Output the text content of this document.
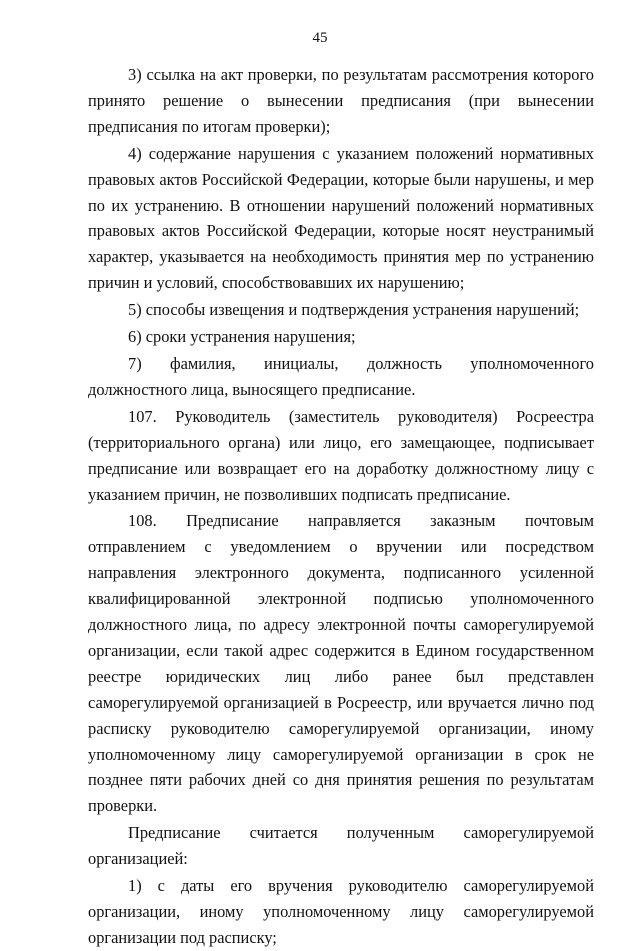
45

3) ссылка на акт проверки, по результатам рассмотрения которого принято решение о вынесении предписания (при вынесении предписания по итогам проверки);

4) содержание нарушения с указанием положений нормативных правовых актов Российской Федерации, которые были нарушены, и мер по их устранению. В отношении нарушений положений нормативных правовых актов Российской Федерации, которые носят неустранимый характер, указывается на необходимость принятия мер по устранению причин и условий, способствовавших их нарушению;

5) способы извещения и подтверждения устранения нарушений;

6) сроки устранения нарушения;

7) фамилия, инициалы, должность уполномоченного должностного лица, выносящего предписание.

107. Руководитель (заместитель руководителя) Росреестра (территориального органа) или лицо, его замещающее, подписывает предписание или возвращает его на доработку должностному лицу с указанием причин, не позволивших подписать предписание.

108. Предписание направляется заказным почтовым отправлением с уведомлением о вручении или посредством направления электронного документа, подписанного усиленной квалифицированной электронной подписью уполномоченного должностного лица, по адресу электронной почты саморегулируемой организации, если такой адрес содержится в Едином государственном реестре юридических лиц либо ранее был представлен саморегулируемой организацией в Росреестр, или вручается лично под расписку руководителю саморегулируемой организации, иному уполномоченному лицу саморегулируемой организации в срок не позднее пяти рабочих дней со дня принятия решения по результатам проверки.

Предписание считается полученным саморегулируемой организацией:

1) с даты его вручения руководителю саморегулируемой организации, иному уполномоченному лицу саморегулируемой организации под расписку;
